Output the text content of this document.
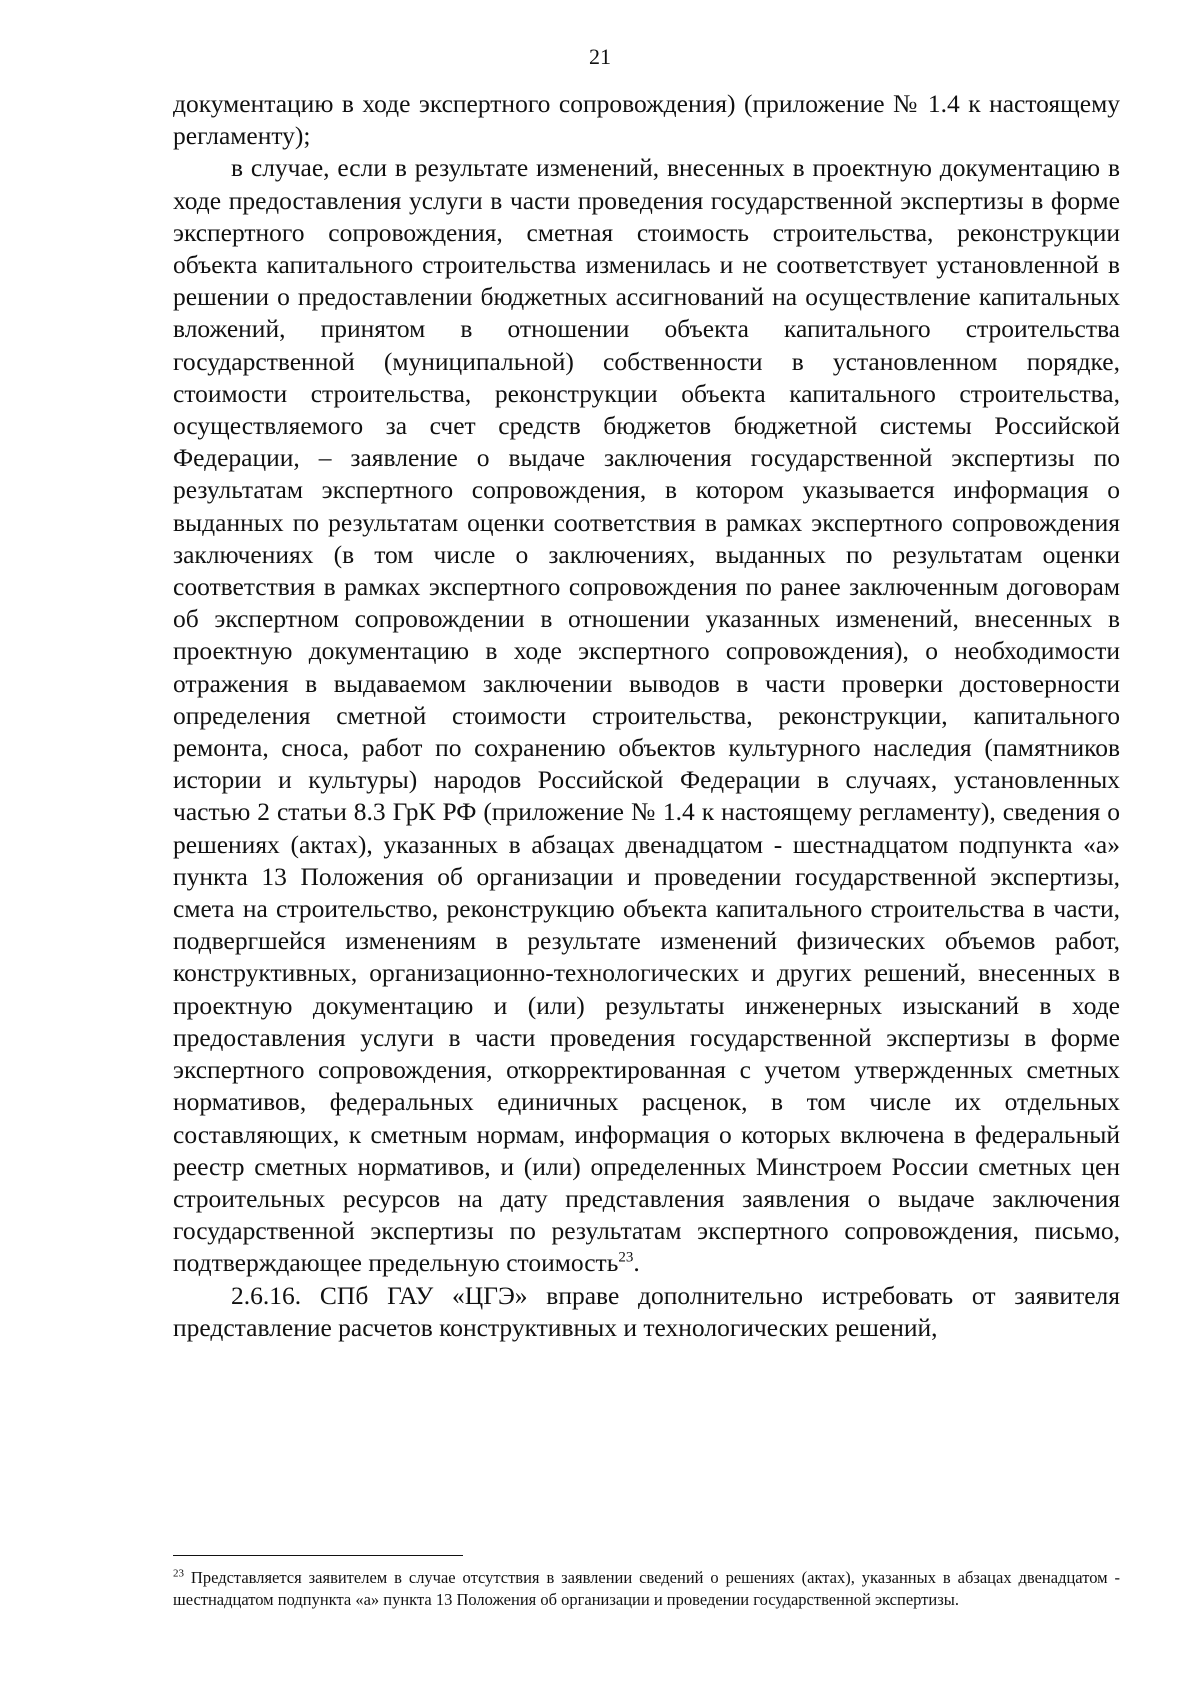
21

документацию в ходе экспертного сопровождения) (приложение № 1.4 к настоящему регламенту);

в случае, если в результате изменений, внесенных в проектную документацию в ходе предоставления услуги в части проведения государственной экспертизы в форме экспертного сопровождения, сметная стоимость строительства, реконструкции объекта капитального строительства изменилась и не соответствует установленной в решении о предоставлении бюджетных ассигнований на осуществление капитальных вложений, принятом в отношении объекта капитального строительства государственной (муниципальной) собственности в установленном порядке, стоимости строительства, реконструкции объекта капитального строительства, осуществляемого за счет средств бюджетов бюджетной системы Российской Федерации, – заявление о выдаче заключения государственной экспертизы по результатам экспертного сопровождения, в котором указывается информация о выданных по результатам оценки соответствия в рамках экспертного сопровождения заключениях (в том числе о заключениях, выданных по результатам оценки соответствия в рамках экспертного сопровождения по ранее заключенным договорам об экспертном сопровождении в отношении указанных изменений, внесенных в проектную документацию в ходе экспертного сопровождения), о необходимости отражения в выдаваемом заключении выводов в части проверки достоверности определения сметной стоимости строительства, реконструкции, капитального ремонта, сноса, работ по сохранению объектов культурного наследия (памятников истории и культуры) народов Российской Федерации в случаях, установленных частью 2 статьи 8.3 ГрК РФ (приложение № 1.4 к настоящему регламенту), сведения о решениях (актах), указанных в абзацах двенадцатом - шестнадцатом подпункта «а» пункта 13 Положения об организации и проведении государственной экспертизы, смета на строительство, реконструкцию объекта капитального строительства в части, подвергшейся изменениям в результате изменений физических объемов работ, конструктивных, организационно-технологических и других решений, внесенных в проектную документацию и (или) результаты инженерных изысканий в ходе предоставления услуги в части проведения государственной экспертизы в форме экспертного сопровождения, откорректированная с учетом утвержденных сметных нормативов, федеральных единичных расценок, в том числе их отдельных составляющих, к сметным нормам, информация о которых включена в федеральный реестр сметных нормативов, и (или) определенных Минстроем России сметных цен строительных ресурсов на дату представления заявления о выдаче заключения государственной экспертизы по результатам экспертного сопровождения, письмо, подтверждающее предельную стоимость$^{23}$.

2.6.16. СПб ГАУ «ЦГЭ» вправе дополнительно истребовать от заявителя представление расчетов конструктивных и технологических решений,

$^{23}$ Представляется заявителем в случае отсутствия в заявлении сведений о решениях (актах), указанных в абзацах двенадцатом - шестнадцатом подпункта «а» пункта 13 Положения об организации и проведении государственной экспертизы.
